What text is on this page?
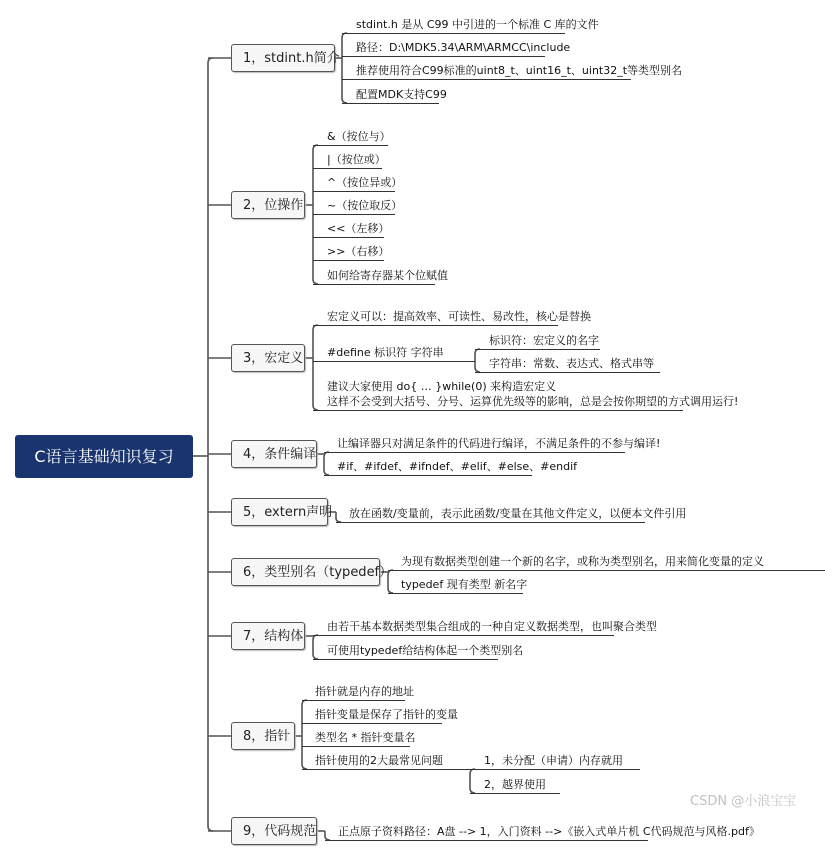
C语言基础知识复习
1，stdint.h简介
stdint.h 是从 C99 中引进的一个标准 C 库的文件
路径：D:\MDK5.34\ARM\ARMCC\include
推荐使用符合C99标准的uint8_t、uint16_t、uint32_t等类型别名
配置MDK支持C99
2，位操作
&（按位与）
|（按位或）
^（按位异或）
~（按位取反）
<<（左移）
>>（右移）
如何给寄存器某个位赋值
3，宏定义
宏定义可以：提高效率、可读性、易改性，核心是替换
#define 标识符 字符串
标识符：宏定义的名字
字符串：常数、表达式、格式串等
建议大家使用 do{ … }while(0) 来构造宏定义
这样不会受到大括号、分号、运算优先级等的影响，总是会按你期望的方式调用运行!
4，条件编译
让编译器只对满足条件的代码进行编译，不满足条件的不参与编译!
#if、#ifdef、#ifndef、#elif、#else、#endif
5，extern声明	放在函数/变量前，表示此函数/变量在其他文件定义，以便本文件引用
6，类型别名（typedef）
为现有数据类型创建一个新的名字，或称为类型别名，用来简化变量的定义
typedef 现有类型 新名字
7，结构体
由若干基本数据类型集合组成的一种自定义数据类型，也叫聚合类型
可使用typedef给结构体起一个类型别名
8，指针
指针就是内存的地址
指针变量是保存了指针的变量
类型名 * 指针变量名
指针使用的2大最常见问题	1，未分配（申请）内存就用
2，越界使用
9，代码规范	正点原子资料路径：A盘 --> 1，入门资料 -->《嵌入式单片机 C代码规范与风格.pdf》
CSDN @小浪宝宝
